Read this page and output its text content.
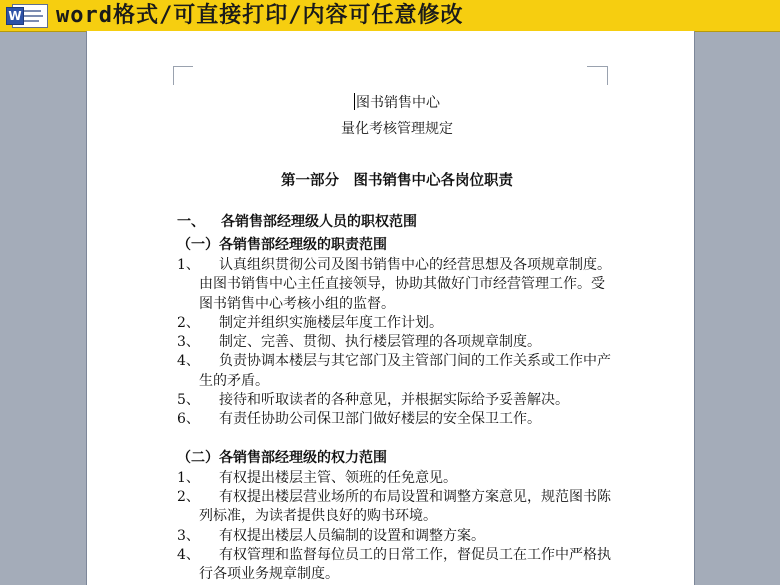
W word格式/可直接打印/内容可任意修改
图书销售中心
量化考核管理规定
第一部分　图书销售中心各岗位职责
一、 各销售部经理级人员的职权范围
（一）各销售部经理级的职责范围
1、	认真组织贯彻公司及图书销售中心的经营思想及各项规章制度。由图书销售中心主任直接领导，协助其做好门市经营管理工作。受图书销售中心考核小组的监督。
2、	制定并组织实施楼层年度工作计划。
3、	制定、完善、贯彻、执行楼层管理的各项规章制度。
4、	负责协调本楼层与其它部门及主管部门间的工作关系或工作中产生的矛盾。
5、	接待和听取读者的各种意见，并根据实际给予妥善解决。
6、	有责任协助公司保卫部门做好楼层的安全保卫工作。
（二）各销售部经理级的权力范围
1、	有权提出楼层主管、领班的任免意见。
2、	有权提出楼层营业场所的布局设置和调整方案意见，规范图书陈列标准，为读者提供良好的购书环境。
3、	有权提出楼层人员编制的设置和调整方案。
4、	有权管理和监督每位员工的日常工作，督促员工在工作中严格执行各项业务规章制度。
